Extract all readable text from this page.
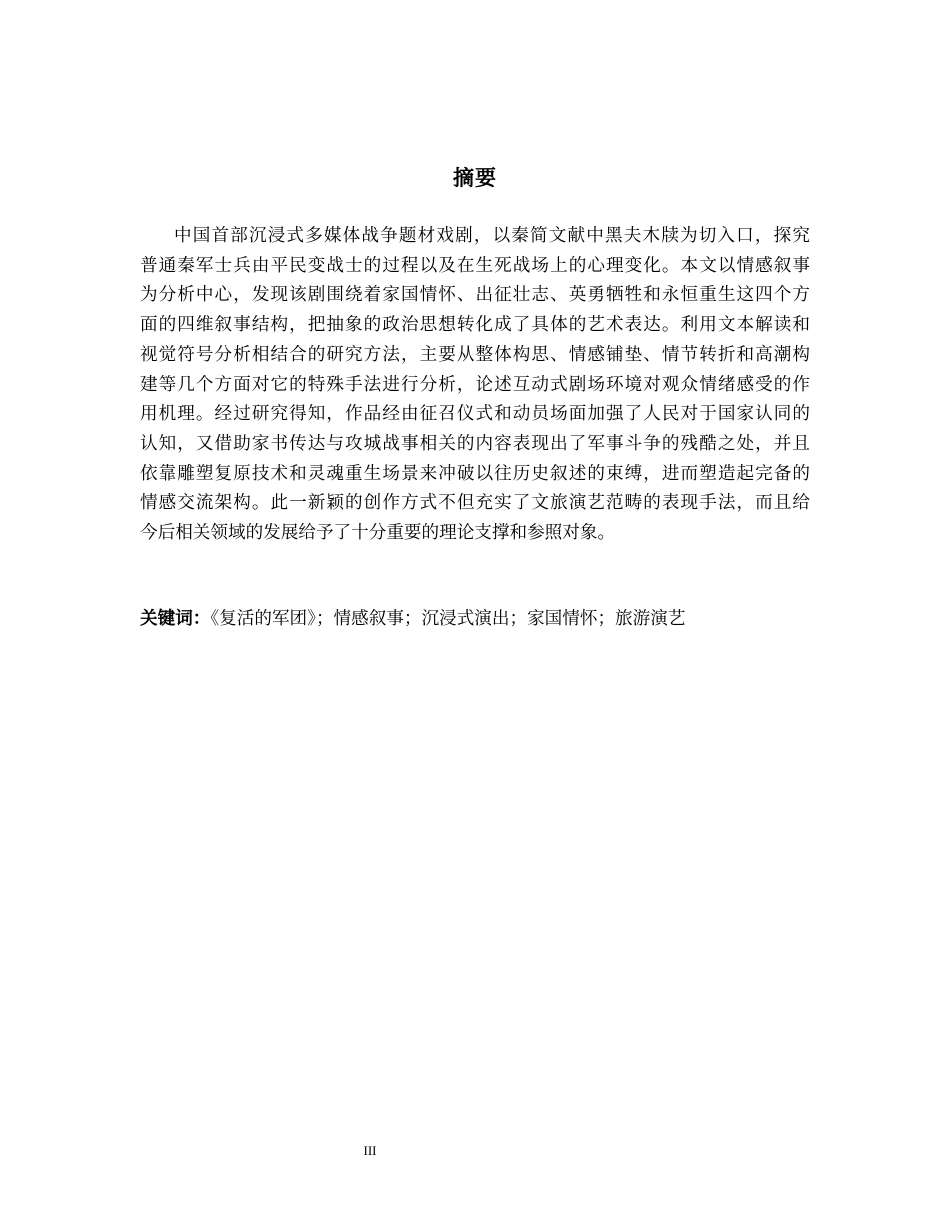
摘要

中国首部沉浸式多媒体战争题材戏剧，以秦简文献中黑夫木牍为切入口，探究
普通秦军士兵由平民变战士的过程以及在生死战场上的心理变化。本文以情感叙事
为分析中心，发现该剧围绕着家国情怀、出征壮志、英勇牺牲和永恒重生这四个方
面的四维叙事结构，把抽象的政治思想转化成了具体的艺术表达。利用文本解读和
视觉符号分析相结合的研究方法，主要从整体构思、情感铺垫、情节转折和高潮构
建等几个方面对它的特殊手法进行分析，论述互动式剧场环境对观众情绪感受的作
用机理。经过研究得知，作品经由征召仪式和动员场面加强了人民对于国家认同的
认知，又借助家书传达与攻城战事相关的内容表现出了军事斗争的残酷之处，并且
依靠雕塑复原技术和灵魂重生场景来冲破以往历史叙述的束缚，进而塑造起完备的
情感交流架构。此一新颖的创作方式不但充实了文旅演艺范畴的表现手法，而且给
今后相关领域的发展给予了十分重要的理论支撑和参照对象。

关键词：《复活的军团》；情感叙事；沉浸式演出；家国情怀；旅游演艺
III
